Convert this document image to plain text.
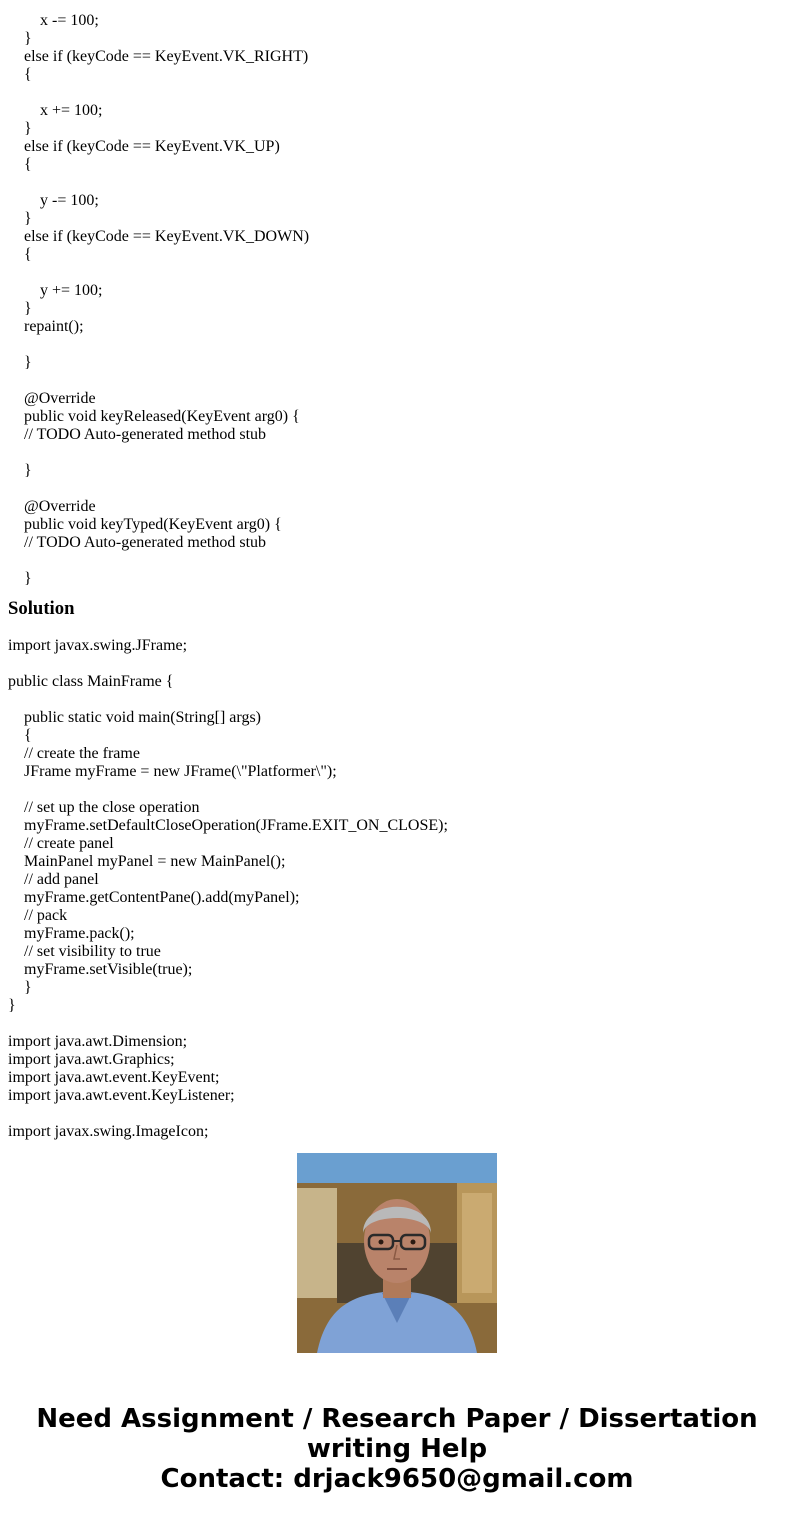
		x -= 100;
	}
	else if (keyCode == KeyEvent.VK_RIGHT)
	{

		x += 100;
	}
	else if (keyCode == KeyEvent.VK_UP)
	{

		y -= 100;
	}
	else if (keyCode == KeyEvent.VK_DOWN)
	{

		y += 100;
	}
	repaint();

}

@Override
public void keyReleased(KeyEvent arg0) {
	// TODO Auto-generated method stub

}

@Override
public void keyTyped(KeyEvent arg0) {
	// TODO Auto-generated method stub

}
Solution
import javax.swing.JFrame;

public class MainFrame {

public static void main(String[] args)
{
	// create the frame
	JFrame myFrame = new JFrame(\"Platformer\");

	// set up the close operation
	myFrame.setDefaultCloseOperation(JFrame.EXIT_ON_CLOSE);
	// create panel
	MainPanel myPanel = new MainPanel();
	// add panel
	myFrame.getContentPane().add(myPanel);
	// pack
	myFrame.pack();
	// set visibility to true
	myFrame.setVisible(true);
}
}

import java.awt.Dimension;
import java.awt.Graphics;
import java.awt.event.KeyEvent;
import java.awt.event.KeyListener;

import javax.swing.ImageIcon;
Need Assignment / Research Paper / Dissertation
writing Help
Contact: drjack9650@gmail.com
